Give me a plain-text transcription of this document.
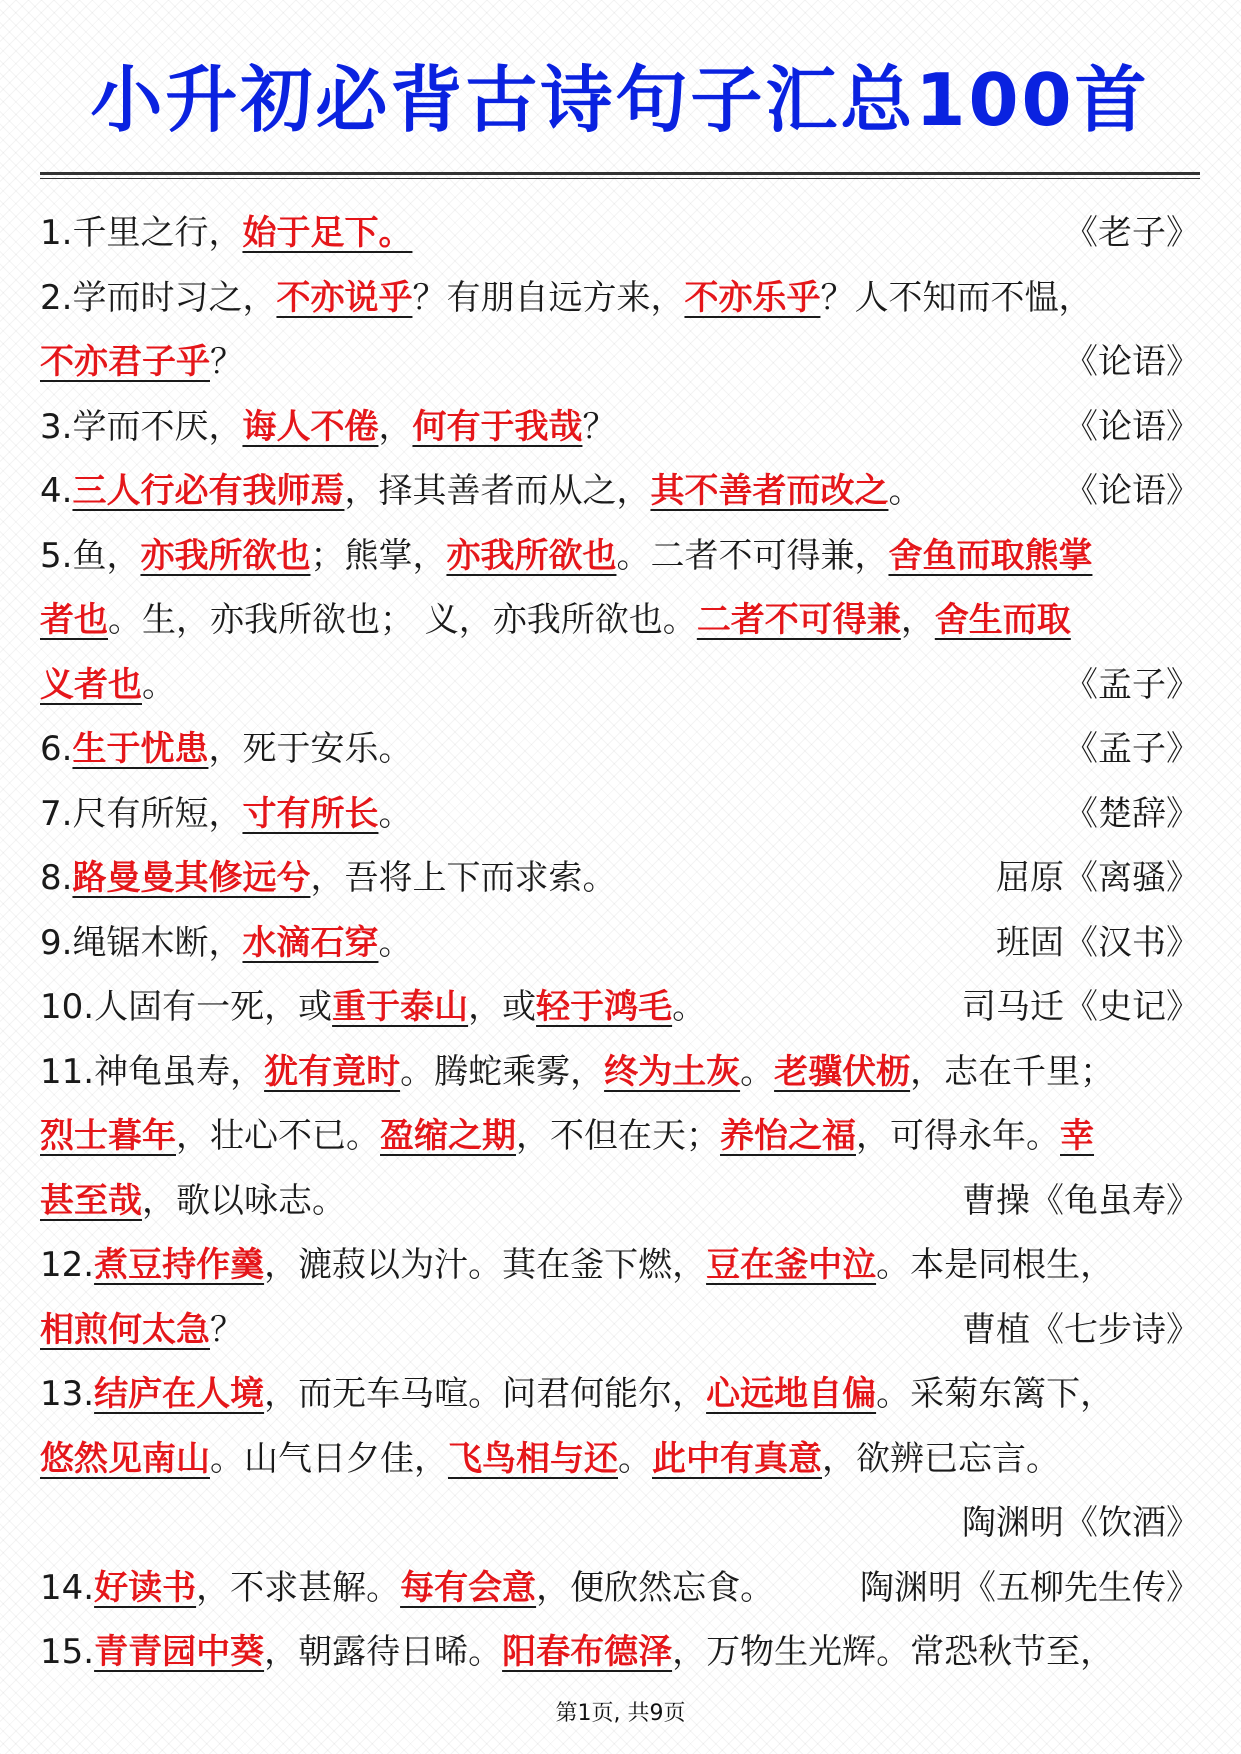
小升初必背古诗句子汇总100首
1.千里之行，始于足下。	《老子》
2.学而时习之，不亦说乎？有朋自远方来，不亦乐乎？人不知而不愠，
不亦君子乎？	《论语》
3.学而不厌，诲人不倦，何有于我哉？	《论语》
4.三人行必有我师焉，择其善者而从之，其不善者而改之。	《论语》
5.鱼，亦我所欲也；熊掌，亦我所欲也。二者不可得兼，舍鱼而取熊掌
者也。生，亦我所欲也； 义，亦我所欲也。二者不可得兼，舍生而取
义者也。	《孟子》
6.生于忧患，死于安乐。	《孟子》
7.尺有所短，寸有所长。	《楚辞》
8.路曼曼其修远兮，吾将上下而求索。	屈原《离骚》
9.绳锯木断，水滴石穿。	班固《汉书》
10.人固有一死，或重于泰山，或轻于鸿毛。	司马迁《史记》
11.神龟虽寿，犹有竟时。腾蛇乘雾，终为土灰。老骥伏枥，志在千里；
烈士暮年，壮心不已。盈缩之期，不但在天；养怡之福，可得永年。幸
甚至哉，歌以咏志。	曹操《龟虽寿》
12.煮豆持作羹，漉菽以为汁。萁在釜下燃，豆在釜中泣。本是同根生，
相煎何太急？	曹植《七步诗》
13.结庐在人境，而无车马喧。问君何能尔，心远地自偏。采菊东篱下，
悠然见南山。山气日夕佳，飞鸟相与还。此中有真意，欲辨已忘言。
陶渊明《饮酒》
14.好读书，不求甚解。每有会意，便欣然忘食。	陶渊明《五柳先生传》
15.青青园中葵，朝露待日晞。阳春布德泽，万物生光辉。常恐秋节至，
第1页, 共9页
